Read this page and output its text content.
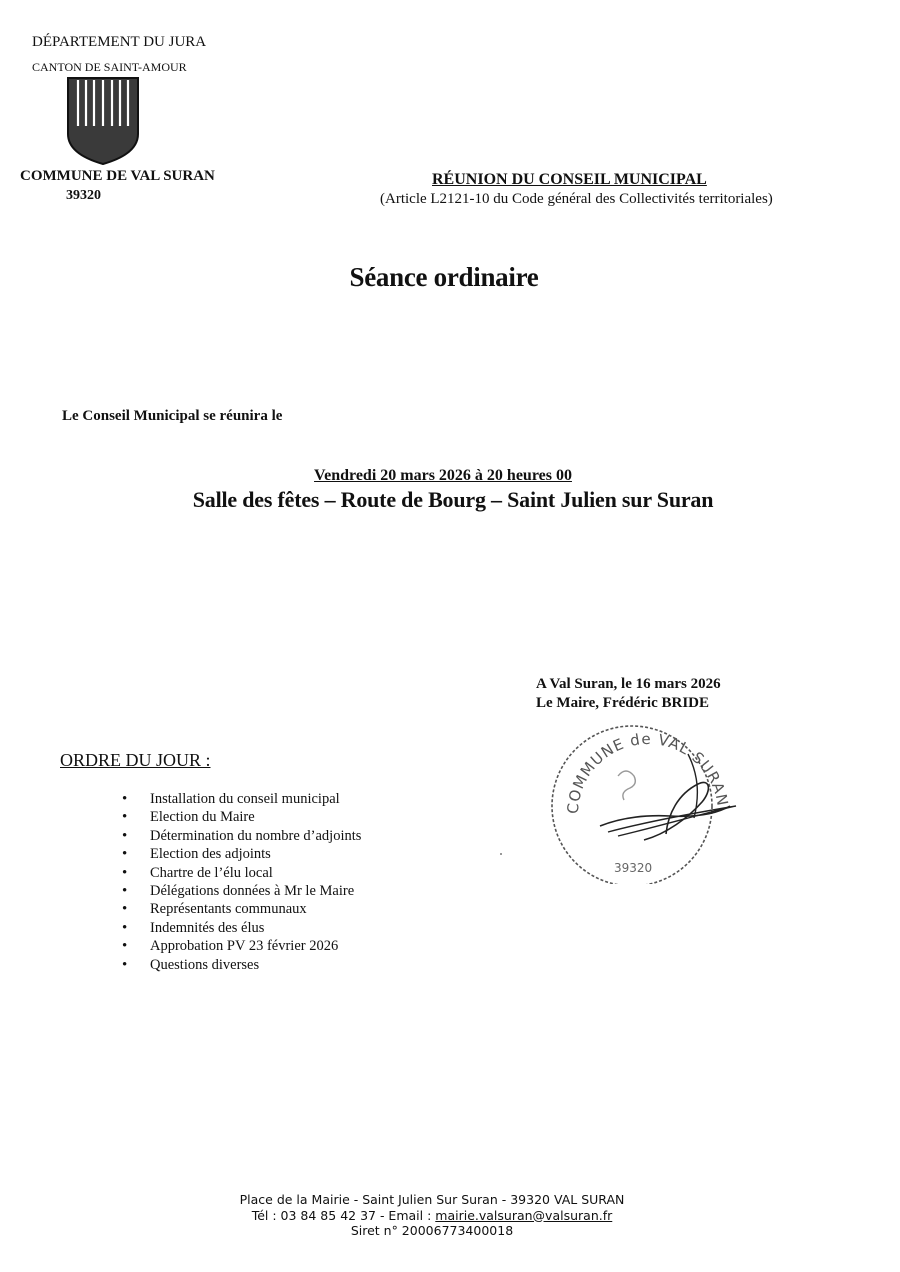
DÉPARTEMENT DU JURA
CANTON DE SAINT-AMOUR
COMMUNE DE VAL SURAN
39320
RÉUNION DU CONSEIL MUNICIPAL
(Article L2121-10 du Code général des Collectivités territoriales)
Séance ordinaire
Le Conseil Municipal se réunira le
Vendredi 20 mars 2026 à 20 heures 00
Salle des fêtes – Route de Bourg – Saint Julien sur Suran
A Val Suran, le 16 mars 2026
Le Maire, Frédéric BRIDE
COMMUNE de VAL SURAN
39320
ORDRE DU JOUR :
• Installation du conseil municipal
• Election du Maire
• Détermination du nombre d’adjoints
• Election des adjoints
• Chartre de l’élu local
• Délégations données à Mr le Maire
• Représentants communaux
• Indemnités des élus
• Approbation PV 23 février 2026
• Questions diverses
Place de la Mairie - Saint Julien Sur Suran - 39320 VAL SURAN
Tél : 03 84 85 42 37 - Email : mairie.valsuran@valsuran.fr
Siret n° 20006773400018
